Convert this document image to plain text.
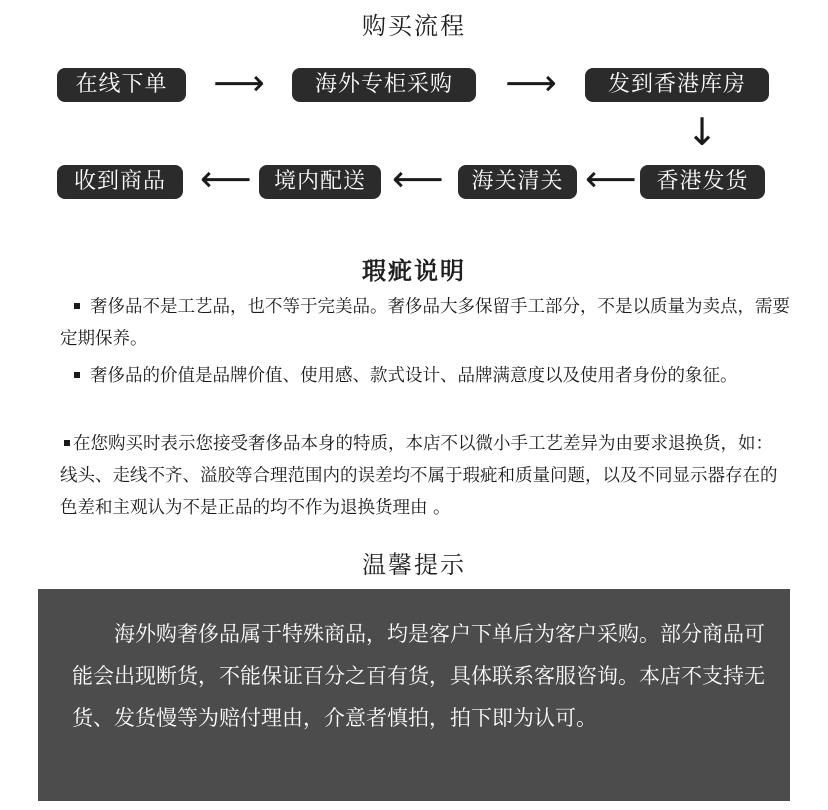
购买流程
在线下单	⟶	海外专柜采购	⟶	发到香港库房
↓
香港发货
⟵
海关清关
⟵
境内配送
⟵
收到商品
瑕疵说明
奢侈品不是工艺品，也不等于完美品。奢侈品大多保留手工部分，不是以质量为卖点，需要定期保养。
奢侈品的价值是品牌价值、使用感、款式设计、品牌满意度以及使用者身份的象征。
在您购买时表示您接受奢侈品本身的特质，本店不以微小手工艺差异为由要求退换货，如：线头、走线不齐、溢胶等合理范围内的误差均不属于瑕疵和质量问题，以及不同显示器存在的色差和主观认为不是正品的均不作为退换货理由 。
温馨提示
海外购奢侈品属于特殊商品，均是客户下单后为客户采购。部分商品可能会出现断货，不能保证百分之百有货，具体联系客服咨询。本店不支持无货、发货慢等为赔付理由，介意者慎拍，拍下即为认可。
